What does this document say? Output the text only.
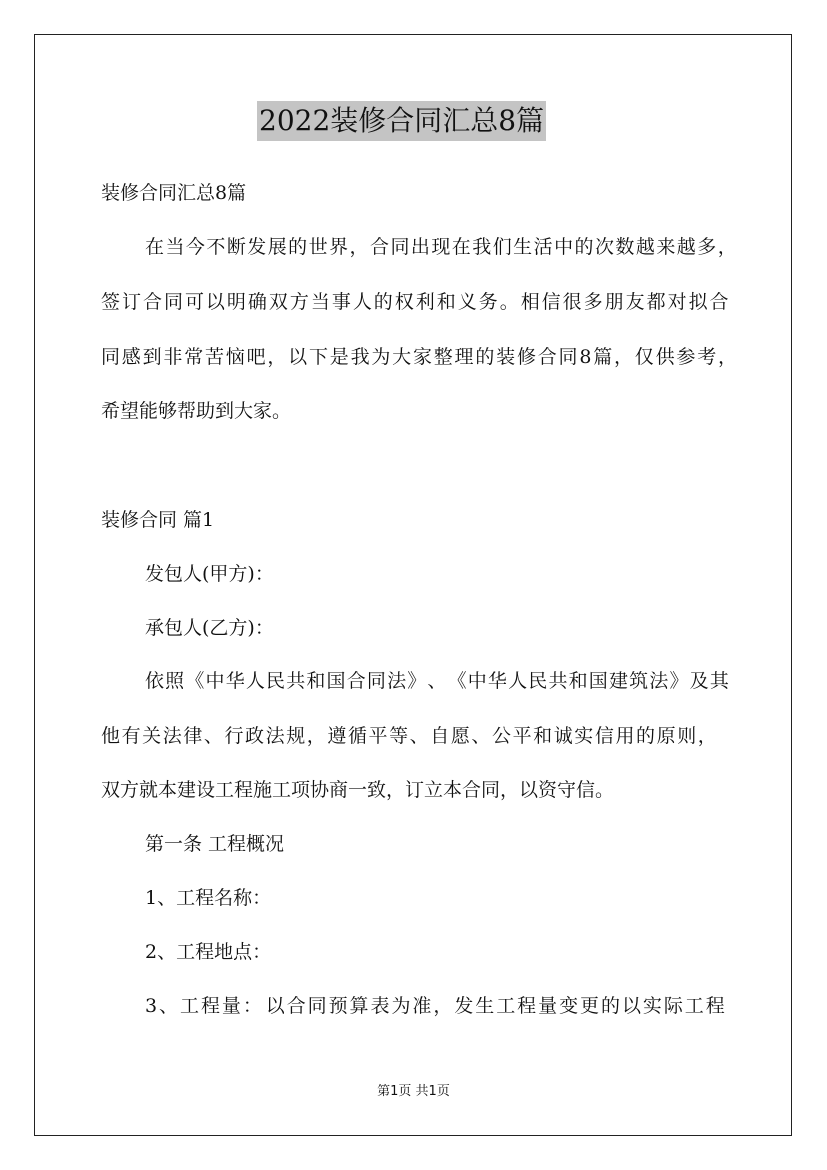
2022装修合同汇总8篇
装修合同汇总8篇
在 当 今 不 断 发 展 的 世 界 ， 合 同 出 现 在 我 们 生 活 中 的 次 数 越 来 越 多 ，
签 订 合 同 可 以 明 确 双 方 当 事 人 的 权 利 和 义 务 。 相 信 很 多 朋 友 都 对 拟 合
同 感 到 非 常 苦 恼 吧 ， 以 下 是 我 为 大 家 整 理 的 装 修 合 同 8 篇 ， 仅 供 参 考 ，
希望能够帮助到大家。
装修合同 篇1
发包人(甲方)：
承包人(乙方)：
依 照 《 中 华 人 民 共 和 国 合 同 法 》 、 《 中 华 人 民 共 和 国 建 筑 法 》 及 其
他 有 关 法 律 、 行 政 法 规 ， 遵 循 平 等 、 自 愿 、 公 平 和 诚 实 信 用 的 原 则 ，
双方就本建设工程施工项协商一致，订立本合同，以资守信。
第一条 工程概况
1、工程名称：
2、工程地点：
3 、 工 程 量 ： 以 合 同 预 算 表 为 准 ， 发 生 工 程 量 变 更 的 以 实 际 工 程
第1页 共1页
